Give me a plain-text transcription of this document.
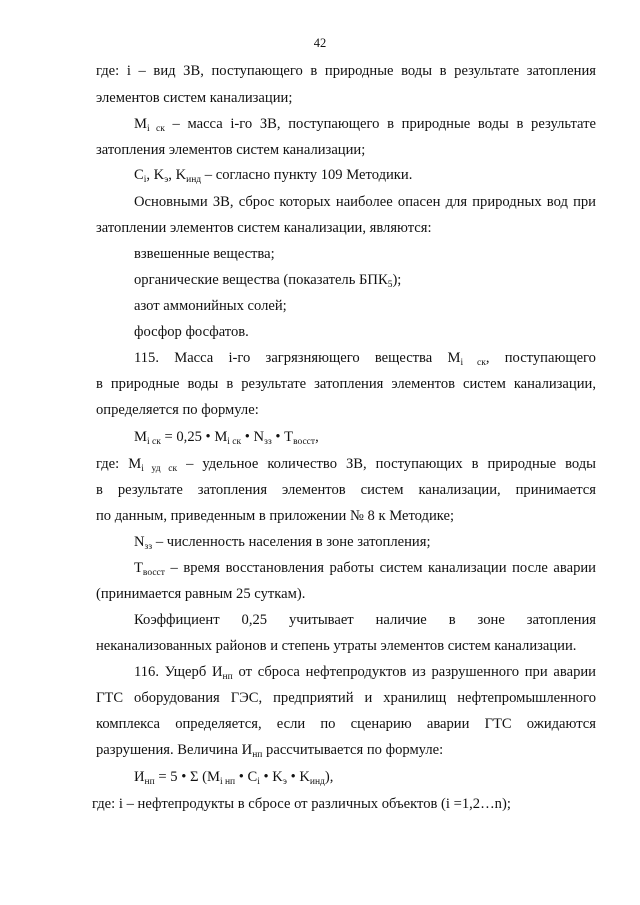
42
где: i – вид ЗВ, поступающего в природные воды в результате затопления
элементов систем канализации;
$M_{i ск}$ – масса i-го ЗВ, поступающего в природные воды в результате
затопления элементов систем канализации;
$C_i$, $K_э$, $K_{инд}$ – согласно пункту 109 Методики.
Основными ЗВ, сброс которых наиболее опасен для природных вод при
затоплении элементов систем канализации, являются:
взвешенные вещества;
органические вещества (показатель $БПК_5$);
азот аммонийных солей;
фосфор фосфатов.
115. Масса i-го загрязняющего вещества $M_{i ск}$, поступающего
в природные воды в результате затопления элементов систем канализации,
определяется по формуле:
$M_{i ск} = 0,25$ • $M_{i ск}$ • $N_{зз}$ • $T_{восст}$,
где: $M_{i уд ск}$ – удельное количество ЗВ, поступающих в природные воды
в результате затопления элементов систем канализации, принимается
по данным, приведенным в приложении № 8 к Методике;
$N_{зз}$ – численность населения в зоне затопления;
$T_{восст}$ – время восстановления работы систем канализации после аварии
(принимается равным 25 суткам).
Коэффициент 0,25 учитывает наличие в зоне затопления
неканализованных районов и степень утраты элементов систем канализации.
116. Ущерб $И_{нп}$ от сброса нефтепродуктов из разрушенного при аварии
ГТС оборудования ГЭС, предприятий и хранилищ нефтепромышленного
комплекса определяется, если по сценарию аварии ГТС ожидаются
разрушения. Величина $И_{нп}$ рассчитывается по формуле:
$И_{нп} = 5$ • Σ ($M_{i нп}$ • $C_i$ • $K_э$ • $K_{инд}$),
где: i – нефтепродукты в сбросе от различных объектов (i =1,2…n);
